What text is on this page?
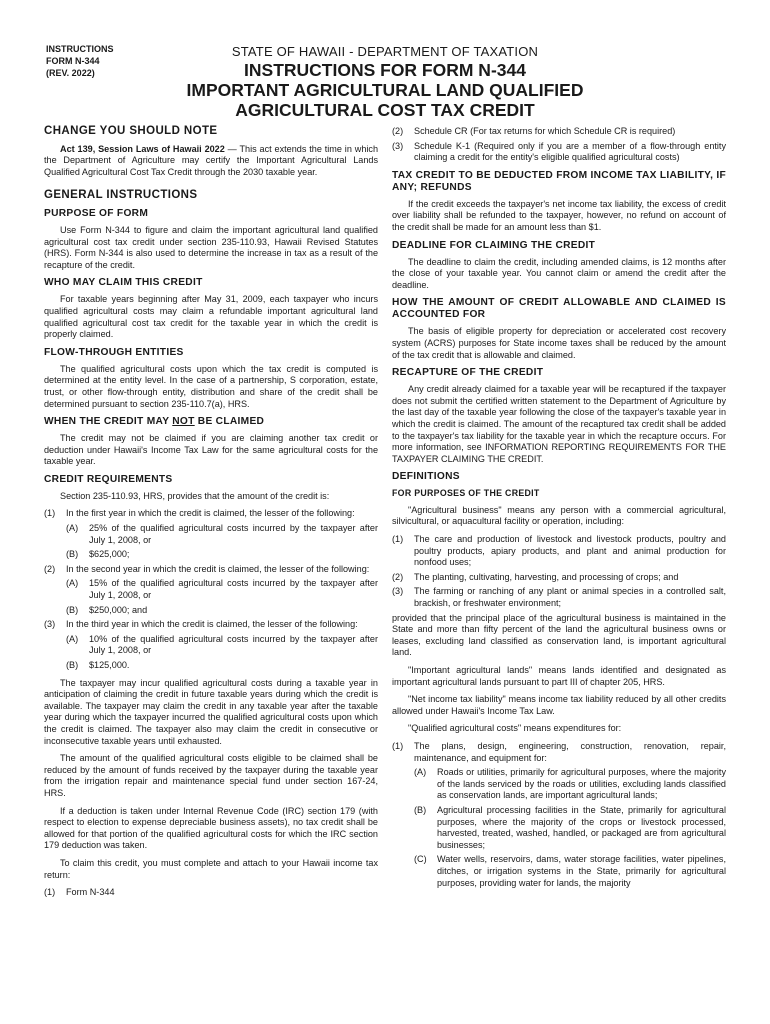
INSTRUCTIONS
FORM N-344
(REV. 2022)
STATE OF HAWAII - DEPARTMENT OF TAXATION
INSTRUCTIONS FOR FORM N-344
IMPORTANT AGRICULTURAL LAND QUALIFIED
AGRICULTURAL COST TAX CREDIT
CHANGE YOU SHOULD NOTE

Act 139, Session Laws of Hawaii 2022 — This act extends the time in which the Department of Agriculture may certify the Important Agricultural Lands Qualified Agricultural Cost Tax Credit through the 2030 taxable year.

GENERAL INSTRUCTIONS
PURPOSE OF FORM

Use Form N-344 to figure and claim the important agricultural land qualified agricultural cost tax credit under section 235-110.93, Hawaii Revised Statutes (HRS). Form N-344 is also used to determine the increase in tax as a result of the recapture of the credit.

WHO MAY CLAIM THIS CREDIT

For taxable years beginning after May 31, 2009, each taxpayer who incurs qualified agricultural costs may claim a refundable important agricultural land qualified agricultural cost tax credit for the taxable year in which the credit is properly claimed.

FLOW-THROUGH ENTITIES

The qualified agricultural costs upon which the tax credit is computed is determined at the entity level. In the case of a partnership, S corporation, estate, trust, or other flow-through entity, distribution and share of the credit shall be determined pursuant to section 235-110.7(a), HRS.

WHEN THE CREDIT MAY NOT BE CLAIMED

The credit may not be claimed if you are claiming another tax credit or deduction under Hawaii's Income Tax Law for the same agricultural costs for the taxable year.

CREDIT REQUIREMENTS

Section 235-110.93, HRS, provides that the amount of the credit is:

(1)	In the first year in which the credit is claimed, the lesser of the following:
(A)	25% of the qualified agricultural costs incurred by the taxpayer after July 1, 2008, or
(B)	$625,000;
(2)	In the second year in which the credit is claimed, the lesser of the following:
(A)	15% of the qualified agricultural costs incurred by the taxpayer after July 1, 2008, or
(B)	$250,000; and
(3)	In the third year in which the credit is claimed, the lesser of the following:
(A)	10% of the qualified agricultural costs incurred by the taxpayer after July 1, 2008, or
(B)	$125,000.

The taxpayer may incur qualified agricultural costs during a taxable year in anticipation of claiming the credit in future taxable years during which the credit is available. The taxpayer may claim the credit in any taxable year after the taxable year during which the taxpayer incurred the qualified agricultural costs upon which the credit is claimed. The taxpayer also may claim the credit in consecutive or inconsecutive taxable years until exhausted.

The amount of the qualified agricultural costs eligible to be claimed shall be reduced by the amount of funds received by the taxpayer during the taxable year from the irrigation repair and maintenance special fund under section 167-24, HRS.

If a deduction is taken under Internal Revenue Code (IRC) section 179 (with respect to election to expense depreciable business assets), no tax credit shall be allowed for that portion of the qualified agricultural costs for which the IRC section 179 deduction was taken.

To claim this credit, you must complete and attach to your Hawaii income tax return:

(1)	Form N-344
(2)	Schedule CR (For tax returns for which Schedule CR is required)
(3)	Schedule K-1 (Required only if you are a member of a flow-through entity claiming a credit for the entity's eligible qualified agricultural costs)
TAX CREDIT TO BE DEDUCTED FROM INCOME TAX LIABILITY, IF ANY; REFUNDS

If the credit exceeds the taxpayer's net income tax liability, the excess of credit over liability shall be refunded to the taxpayer, however, no refund on account of the credit shall be made for an amount less than $1.

DEADLINE FOR CLAIMING THE CREDIT

The deadline to claim the credit, including amended claims, is 12 months after the close of your taxable year. You cannot claim or amend the credit after the deadline.

HOW THE AMOUNT OF CREDIT ALLOWABLE AND CLAIMED IS ACCOUNTED FOR

The basis of eligible property for depreciation or accelerated cost recovery system (ACRS) purposes for State income taxes shall be reduced by the amount of the tax credit that is allowable and claimed.

RECAPTURE OF THE CREDIT

Any credit already claimed for a taxable year will be recaptured if the taxpayer does not submit the certified written statement to the Department of Agriculture by the last day of the taxable year following the close of the taxpayer's taxable year in which the credit is claimed. The amount of the recaptured tax credit shall be added to the taxpayer's tax liability for the taxable year in which the recapture occurs. For more information, see INFORMATION REPORTING REQUIREMENTS FOR THE TAXPAYER CLAIMING THE CREDIT.

DEFINITIONS
FOR PURPOSES OF THE CREDIT

"Agricultural business" means any person with a commercial agricultural, silvicultural, or aquacultural facility or operation, including:

(1)	The care and production of livestock and livestock products, poultry and poultry products, apiary products, and plant and animal production for nonfood uses;
(2)	The planting, cultivating, harvesting, and processing of crops; and
(3)	The farming or ranching of any plant or animal species in a controlled salt, brackish, or freshwater environment;

provided that the principal place of the agricultural business is maintained in the State and more than fifty percent of the land the agricultural business owns or leases, excluding land classified as conservation land, is important agricultural land.

"Important agricultural lands" means lands identified and designated as important agricultural lands pursuant to part III of chapter 205, HRS.

"Net income tax liability" means income tax liability reduced by all other credits allowed under Hawaii's Income Tax Law.

"Qualified agricultural costs" means expenditures for:

(1)	The plans, design, engineering, construction, renovation, repair, maintenance, and equipment for:
(A)	Roads or utilities, primarily for agricultural purposes, where the majority of the lands serviced by the roads or utilities, excluding lands classified as conservation lands, are important agricultural lands;
(B)	Agricultural processing facilities in the State, primarily for agricultural purposes, where the majority of the crops or livestock processed, harvested, treated, washed, handled, or packaged are from agricultural businesses;
(C)	Water wells, reservoirs, dams, water storage facilities, water pipelines, ditches, or irrigation systems in the State, primarily for agricultural purposes, providing water for lands, the majority
